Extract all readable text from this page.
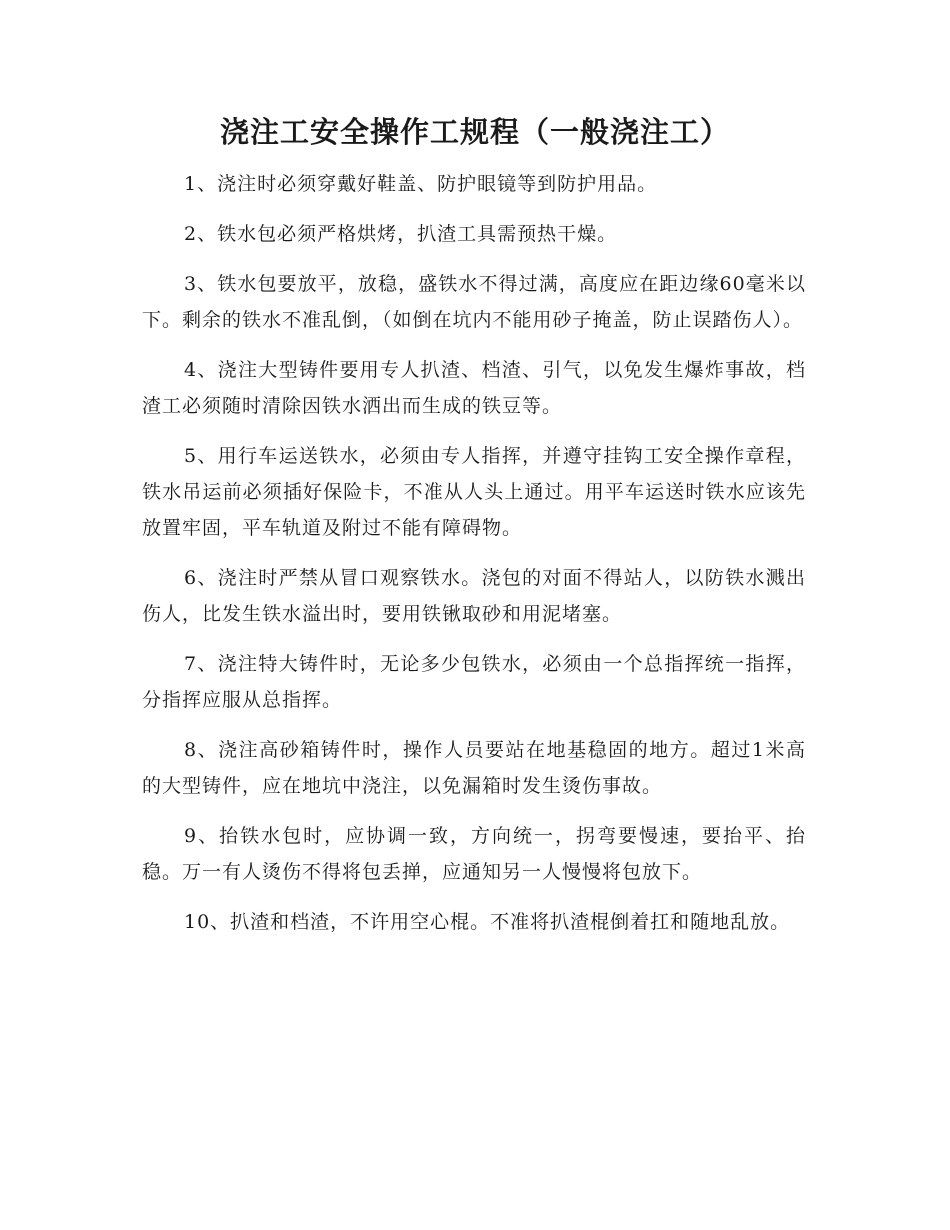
浇注工安全操作工规程（一般浇注工）

1、浇注时必须穿戴好鞋盖、防护眼镜等到防护用品。

2、铁水包必须严格烘烤，扒渣工具需预热干燥。

3、铁水包要放平，放稳，盛铁水不得过满，高度应在距边缘60毫米以下。剩余的铁水不准乱倒，（如倒在坑内不能用砂子掩盖，防止误踏伤人）。

4、浇注大型铸件要用专人扒渣、档渣、引气，以免发生爆炸事故，档渣工必须随时清除因铁水洒出而生成的铁豆等。

5、用行车运送铁水，必须由专人指挥，并遵守挂钩工安全操作章程，铁水吊运前必须插好保险卡，不准从人头上通过。用平车运送时铁水应该先放置牢固，平车轨道及附过不能有障碍物。

6、浇注时严禁从冒口观察铁水。浇包的对面不得站人，以防铁水溅出伤人，比发生铁水溢出时，要用铁锹取砂和用泥堵塞。

7、浇注特大铸件时，无论多少包铁水，必须由一个总指挥统一指挥，分指挥应服从总指挥。

8、浇注高砂箱铸件时，操作人员要站在地基稳固的地方。超过1米高的大型铸件，应在地坑中浇注，以免漏箱时发生烫伤事故。

9、抬铁水包时，应协调一致，方向统一，拐弯要慢速，要抬平、抬稳。万一有人烫伤不得将包丢掸，应通知另一人慢慢将包放下。

10、扒渣和档渣，不许用空心棍。不准将扒渣棍倒着扛和随地乱放。
